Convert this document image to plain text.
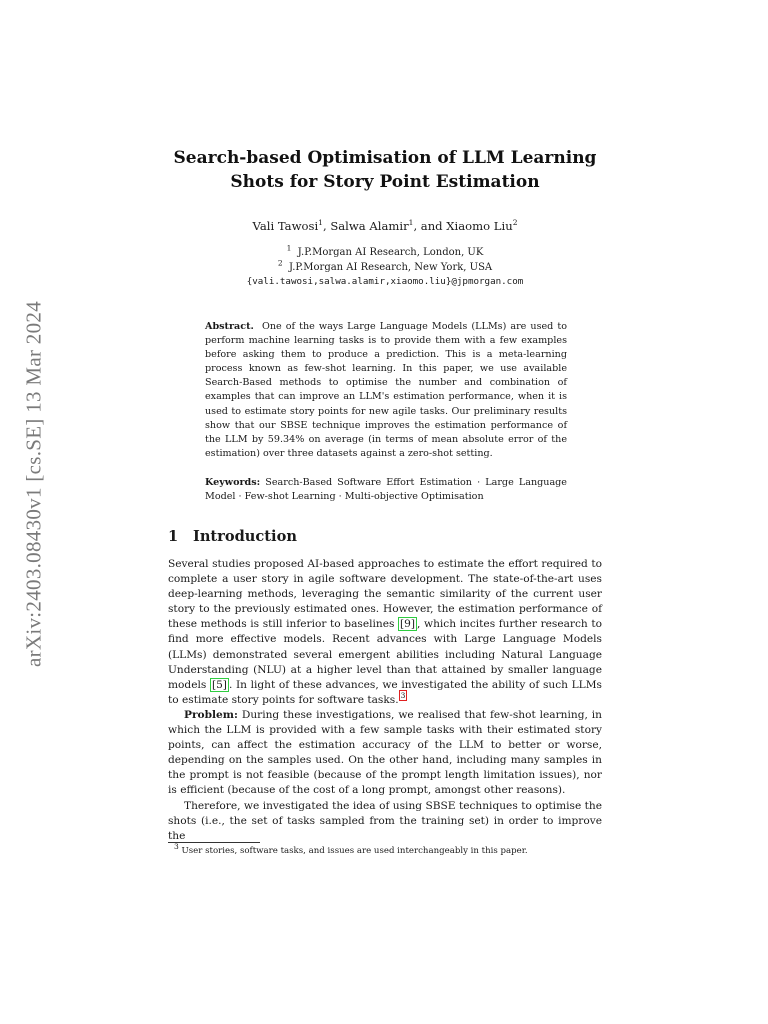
arXiv:2403.08430v1 [cs.SE] 13 Mar 2024
Search-based Optimisation of LLM Learning
Shots for Story Point Estimation
Vali Tawosi$^1$, Salwa Alamir$^1$, and Xiaomo Liu$^2$
$^1$ J.P.Morgan AI Research, London, UK
$^2$ J.P.Morgan AI Research, New York, USA
{vali.tawosi,salwa.alamir,xiaomo.liu}@jpmorgan.com
Abstract. One of the ways Large Language Models (LLMs) are used to perform machine learning tasks is to provide them with a few examples before asking them to produce a prediction. This is a meta-learning process known as few-shot learning. In this paper, we use available Search-Based methods to optimise the number and combination of examples that can improve an LLM's estimation performance, when it is used to estimate story points for new agile tasks. Our preliminary results show that our SBSE technique improves the estimation performance of the LLM by 59.34% on average (in terms of mean absolute error of the estimation) over three datasets against a zero-shot setting.
Keywords: Search-Based Software Effort Estimation · Large Language Model · Few-shot Learning · Multi-objective Optimisation
1 Introduction

Several studies proposed AI-based approaches to estimate the effort required to complete a user story in agile software development. The state-of-the-art uses deep-learning methods, leveraging the semantic similarity of the current user story to the previously estimated ones. However, the estimation performance of these methods is still inferior to baselines [9] , which incites further research to find more effective models. Recent advances with Large Language Models (LLMs) demonstrated several emergent abilities including Natural Language Understanding (NLU) at a higher level than that attained by smaller language models [5] . In light of these advances, we investigated the ability of such LLMs to estimate story points for software tasks. $^3$

Problem: During these investigations, we realised that few-shot learning, in which the LLM is provided with a few sample tasks with their estimated story points, can affect the estimation accuracy of the LLM to better or worse, depending on the samples used. On the other hand, including many samples in the prompt is not feasible (because of the prompt length limitation issues), nor is efficient (because of the cost of a long prompt, amongst other reasons).

Therefore, we investigated the idea of using SBSE techniques to optimise the shots (i.e., the set of tasks sampled from the training set) in order to improve the

$^3$ User stories, software tasks, and issues are used interchangeably in this paper.
